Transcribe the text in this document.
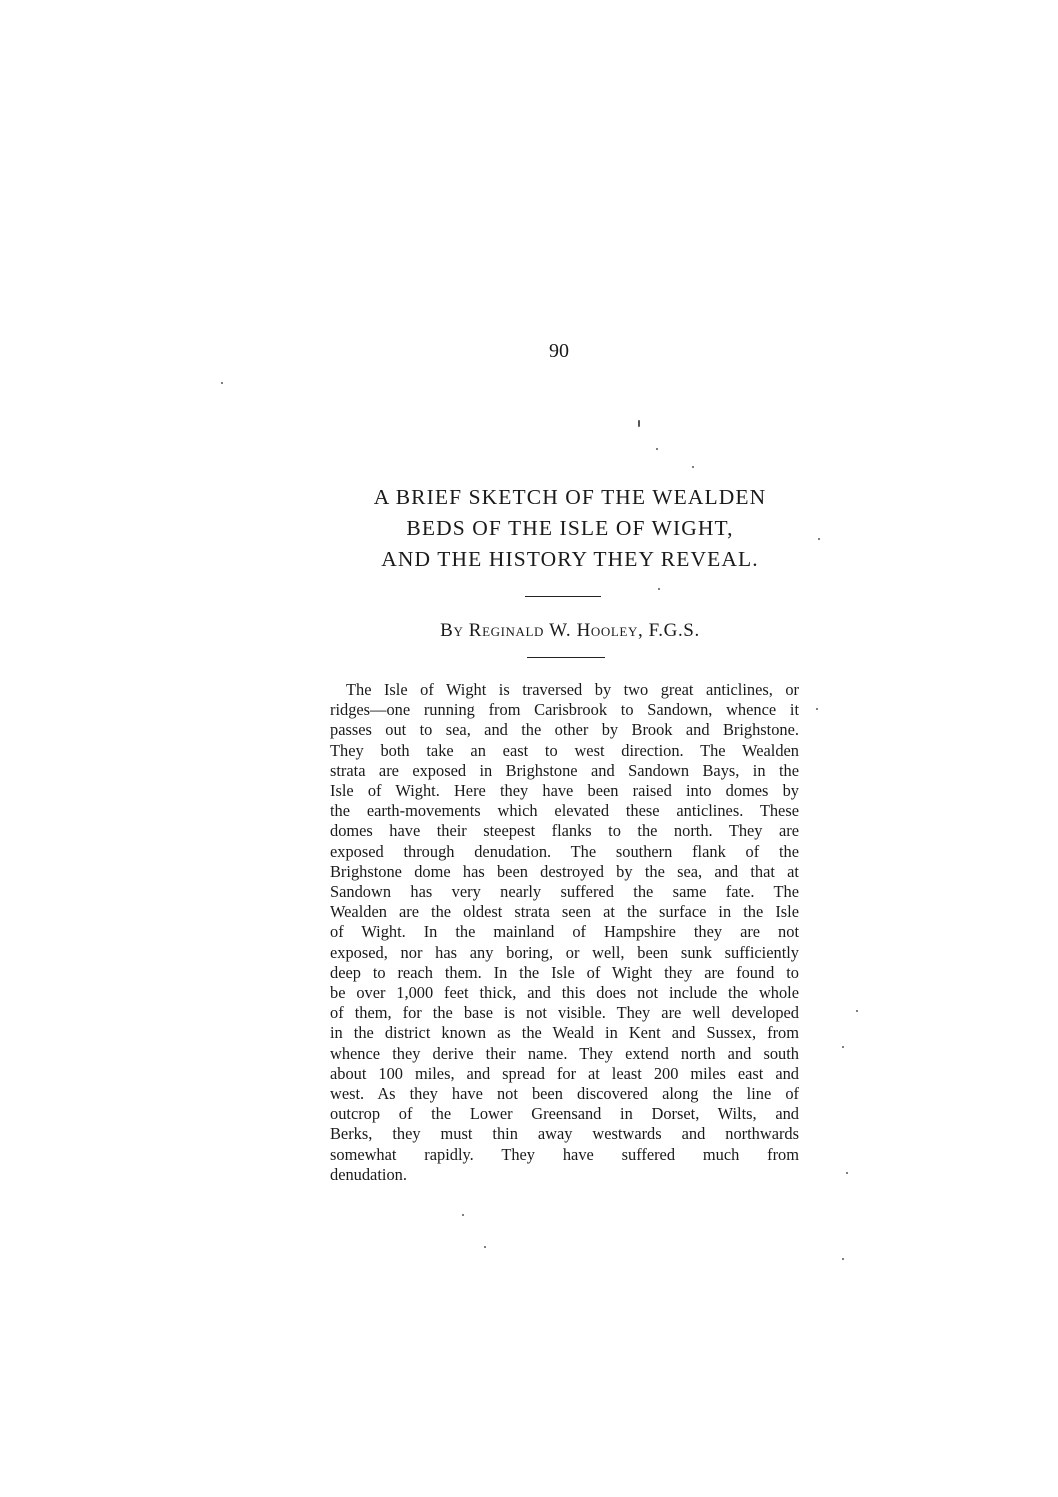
90
A BRIEF SKETCH OF THE WEALDEN
BEDS OF THE ISLE OF WIGHT,
AND THE HISTORY THEY REVEAL.
By Reginald W. Hooley, F.G.S.
The Isle of Wight is traversed by two great anticlines, or
ridges—one running from Carisbrook to Sandown, whence it
passes out to sea, and the other by Brook and Brighstone.
They both take an east to west direction. The Wealden
strata are exposed in Brighstone and Sandown Bays, in the
Isle of Wight. Here they have been raised into domes by
the earth-movements which elevated these anticlines. These
domes have their steepest flanks to the north. They are
exposed through denudation. The southern flank of the
Brighstone dome has been destroyed by the sea, and that at
Sandown has very nearly suffered the same fate. The
Wealden are the oldest strata seen at the surface in the Isle
of Wight. In the mainland of Hampshire they are not
exposed, nor has any boring, or well, been sunk sufficiently
deep to reach them. In the Isle of Wight they are found to
be over 1,000 feet thick, and this does not include the whole
of them, for the base is not visible. They are well developed
in the district known as the Weald in Kent and Sussex, from
whence they derive their name. They extend north and south
about 100 miles, and spread for at least 200 miles east and
west. As they have not been discovered along the line of
outcrop of the Lower Greensand in Dorset, Wilts, and
Berks, they must thin away westwards and northwards
somewhat rapidly. They have suffered much from
denudation.
